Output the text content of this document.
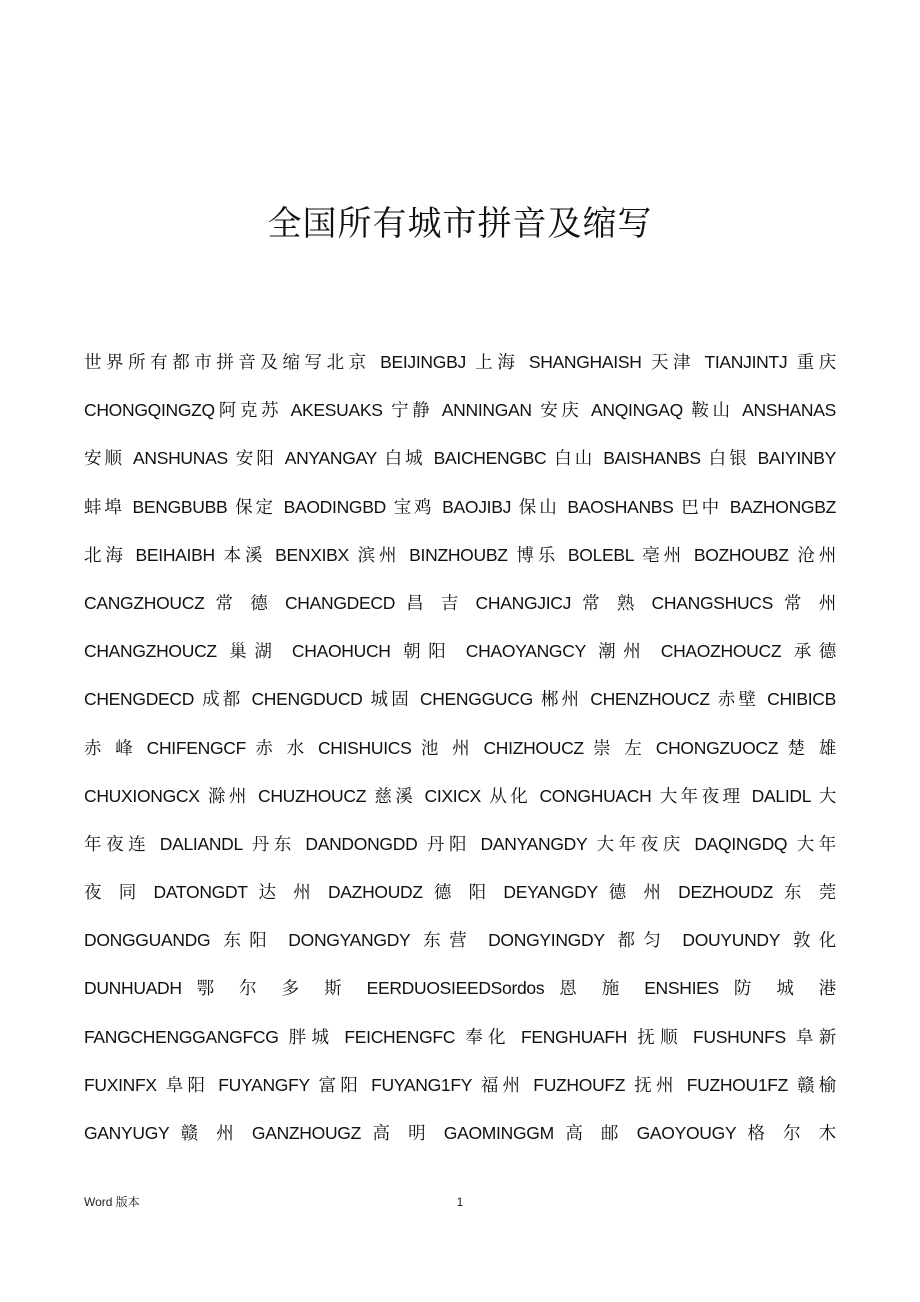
全国所有城市拼音及缩写
世界所有都市拼音及缩写北京 BEIJINGBJ 上海 SHANGHAISH 天津 TIANJINTJ 重庆
CHONGQINGZQ阿克苏 AKESUAKS 宁静 ANNINGAN 安庆 ANQINGAQ 鞍山 ANSHANAS
安顺 ANSHUNAS 安阳 ANYANGAY 白城 BAICHENGBC 白山 BAISHANBS 白银 BAIYINBY
蚌埠 BENGBUBB 保定 BAODINGBD 宝鸡 BAOJIBJ 保山 BAOSHANBS 巴中 BAZHONGBZ
北海 BEIHAIBH 本溪 BENXIBX 滨州 BINZHOUBZ 博乐 BOLEBL 亳州 BOZHOUBZ 沧州
CANGZHOUCZ 常 德 CHANGDECD 昌 吉 CHANGJICJ 常 熟 CHANGSHUCS 常 州
CHANGZHOUCZ 巢湖 CHAOHUCH 朝阳 CHAOYANGCY 潮州 CHAOZHOUCZ 承德
CHENGDECD 成都 CHENGDUCD 城固 CHENGGUCG 郴州 CHENZHOUCZ 赤壁 CHIBICB
赤 峰 CHIFENGCF 赤 水 CHISHUICS 池 州 CHIZHOUCZ 崇 左 CHONGZUOCZ 楚 雄
CHUXIONGCX 滁州 CHUZHOUCZ 慈溪 CIXICX 从化 CONGHUACH 大年夜理 DALIDL 大
年夜连 DALIANDL 丹东 DANDONGDD 丹阳 DANYANGDY 大年夜庆 DAQINGDQ 大年
夜 同 DATONGDT 达 州 DAZHOUDZ 德 阳 DEYANGDY 德 州 DEZHOUDZ 东 莞
DONGGUANDG 东阳 DONGYANGDY 东营 DONGYINGDY 都匀 DOUYUNDY 敦化
DUNHUADH 鄂 尔 多 斯 EERDUOSIEEDSordos 恩 施 ENSHIES 防 城 港
FANGCHENGGANGFCG 胖城 FEICHENGFC 奉化 FENGHUAFH 抚顺 FUSHUNFS 阜新
FUXINFX 阜阳 FUYANGFY 富阳 FUYANG1FY 福州 FUZHOUFZ 抚州 FUZHOU1FZ 赣榆
GANYUGY 赣 州 GANZHOUGZ 高 明 GAOMINGGM 高 邮 GAOYOUGY 格 尔 木
Word 版本	1
